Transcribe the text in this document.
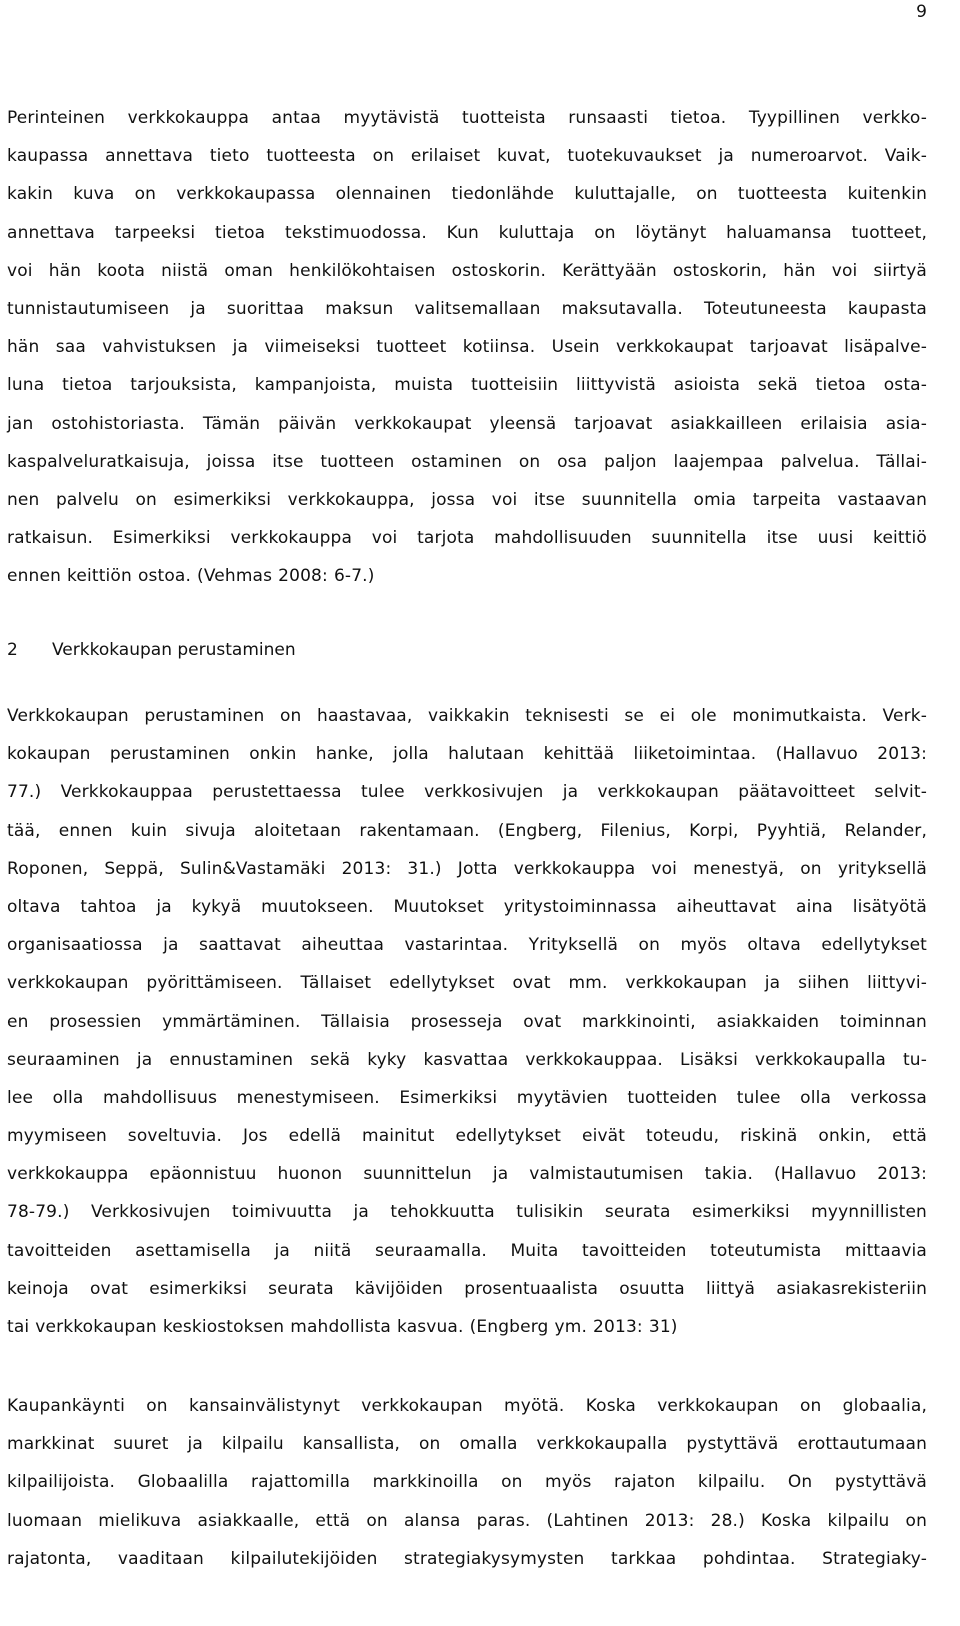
9
Perinteinen verkkokauppa antaa myytävistä tuotteista runsaasti tietoa. Tyypillinen verkko-
kaupassa annettava tieto tuotteesta on erilaiset kuvat, tuotekuvaukset ja numeroarvot. Vaik-
kakin kuva on verkkokaupassa olennainen tiedonlähde kuluttajalle, on tuotteesta kuitenkin
annettava tarpeeksi tietoa tekstimuodossa. Kun kuluttaja on löytänyt haluamansa tuotteet,
voi hän koota niistä oman henkilökohtaisen ostoskorin. Kerättyään ostoskorin, hän voi siirtyä
tunnistautumiseen ja suorittaa maksun valitsemallaan maksutavalla. Toteutuneesta kaupasta
hän saa vahvistuksen ja viimeiseksi tuotteet kotiinsa. Usein verkkokaupat tarjoavat lisäpalve-
luna tietoa tarjouksista, kampanjoista, muista tuotteisiin liittyvistä asioista sekä tietoa osta-
jan ostohistoriasta. Tämän päivän verkkokaupat yleensä tarjoavat asiakkailleen erilaisia asia-
kaspalveluratkaisuja, joissa itse tuotteen ostaminen on osa paljon laajempaa palvelua. Tällai-
nen palvelu on esimerkiksi verkkokauppa, jossa voi itse suunnitella omia tarpeita vastaavan
ratkaisun. Esimerkiksi verkkokauppa voi tarjota mahdollisuuden suunnitella itse uusi keittiö
ennen keittiön ostoa. (Vehmas 2008: 6-7.)
2 Verkkokaupan perustaminen
Verkkokaupan perustaminen on haastavaa, vaikkakin teknisesti se ei ole monimutkaista. Verk-
kokaupan perustaminen onkin hanke, jolla halutaan kehittää liiketoimintaa. (Hallavuo 2013:
77.) Verkkokauppaa perustettaessa tulee verkkosivujen ja verkkokaupan päätavoitteet selvit-
tää, ennen kuin sivuja aloitetaan rakentamaan. (Engberg, Filenius, Korpi, Pyyhtiä, Relander,
Roponen, Seppä, Sulin&Vastamäki 2013: 31.) Jotta verkkokauppa voi menestyä, on yrityksellä
oltava tahtoa ja kykyä muutokseen. Muutokset yritystoiminnassa aiheuttavat aina lisätyötä
organisaatiossa ja saattavat aiheuttaa vastarintaa. Yrityksellä on myös oltava edellytykset
verkkokaupan pyörittämiseen. Tällaiset edellytykset ovat mm. verkkokaupan ja siihen liittyvi-
en prosessien ymmärtäminen. Tällaisia prosesseja ovat markkinointi, asiakkaiden toiminnan
seuraaminen ja ennustaminen sekä kyky kasvattaa verkkokauppaa. Lisäksi verkkokaupalla tu-
lee olla mahdollisuus menestymiseen. Esimerkiksi myytävien tuotteiden tulee olla verkossa
myymiseen soveltuvia. Jos edellä mainitut edellytykset eivät toteudu, riskinä onkin, että
verkkokauppa epäonnistuu huonon suunnittelun ja valmistautumisen takia. (Hallavuo 2013:
78-79.) Verkkosivujen toimivuutta ja tehokkuutta tulisikin seurata esimerkiksi myynnillisten
tavoitteiden asettamisella ja niitä seuraamalla. Muita tavoitteiden toteutumista mittaavia
keinoja ovat esimerkiksi seurata kävijöiden prosentuaalista osuutta liittyä asiakasrekisteriin
tai verkkokaupan keskiostoksen mahdollista kasvua. (Engberg ym. 2013: 31)
Kaupankäynti on kansainvälistynyt verkkokaupan myötä. Koska verkkokaupan on globaalia,
markkinat suuret ja kilpailu kansallista, on omalla verkkokaupalla pystyttävä erottautumaan
kilpailijoista. Globaalilla rajattomilla markkinoilla on myös rajaton kilpailu. On pystyttävä
luomaan mielikuva asiakkaalle, että on alansa paras. (Lahtinen 2013: 28.) Koska kilpailu on
rajatonta, vaaditaan kilpailutekijöiden strategiakysymysten tarkkaa pohdintaa. Strategiaky-
